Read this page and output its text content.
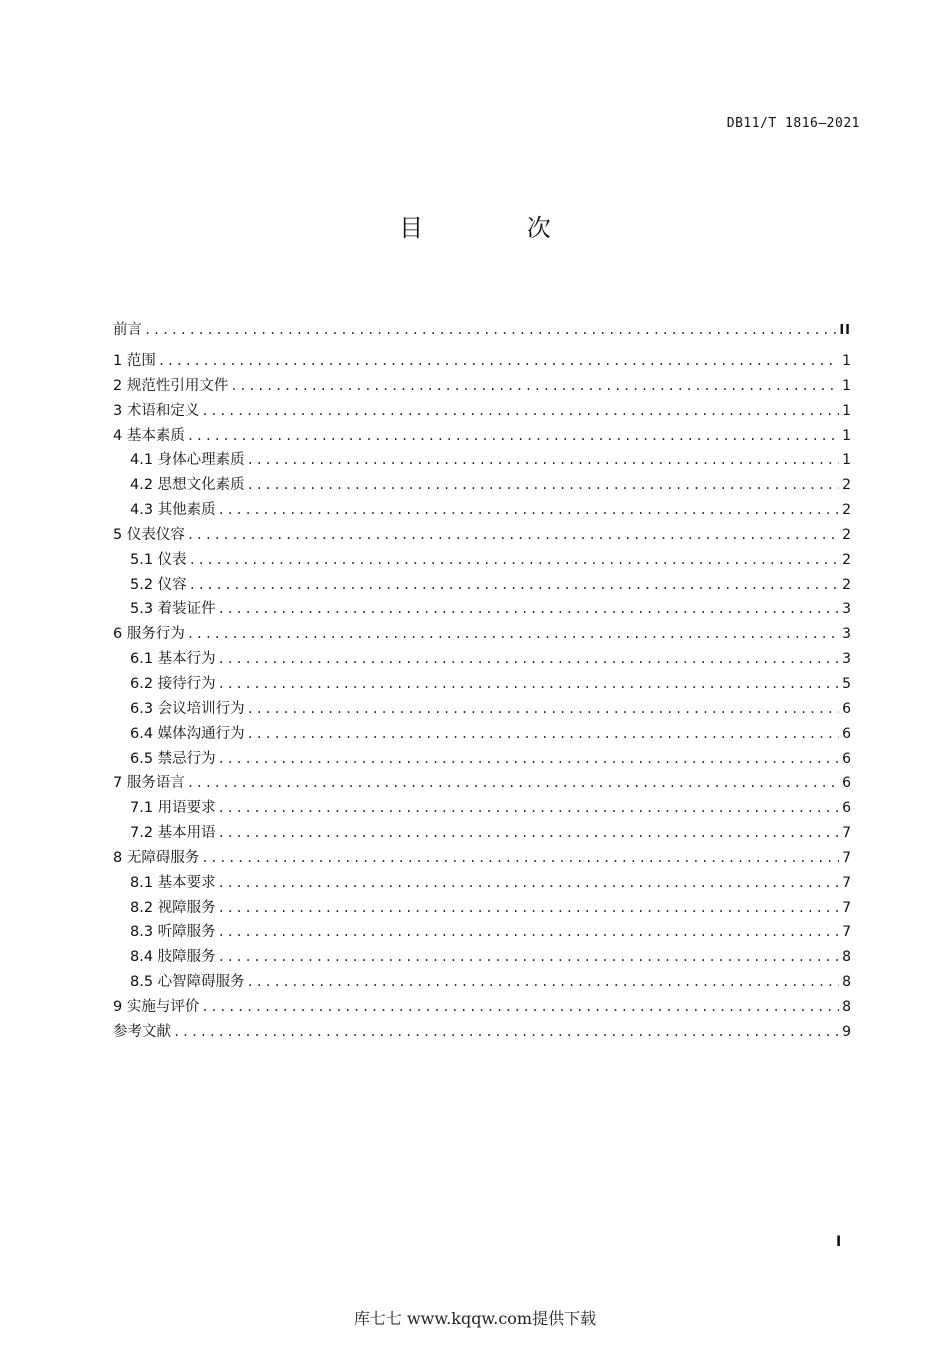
DB11/T 1816—2021
目 次
前言 .....	II
1 范围 .....	1
2 规范性引用文件 .....	1
3 术语和定义 .....	1
4 基本素质 .....	1
4.1 身体心理素质 .....	1
4.2 思想文化素质 .....	2
4.3 其他素质 .....	2
5 仪表仪容 .....	2
5.1 仪表 .....	2
5.2 仪容 .....	2
5.3 着装证件 .....	3
6 服务行为 .....	3
6.1 基本行为 .....	3
6.2 接待行为 .....	5
6.3 会议培训行为 .....	6
6.4 媒体沟通行为 .....	6
6.5 禁忌行为 .....	6
7 服务语言 .....	6
7.1 用语要求 .....	6
7.2 基本用语 .....	7
8 无障碍服务 .....	7
8.1 基本要求 .....	7
8.2 视障服务 .....	7
8.3 听障服务 .....	7
8.4 肢障服务 .....	8
8.5 心智障碍服务 .....	8
9 实施与评价 .....	8
参考文献 .....	9
I
库七七 www.kqqw.com提供下载
